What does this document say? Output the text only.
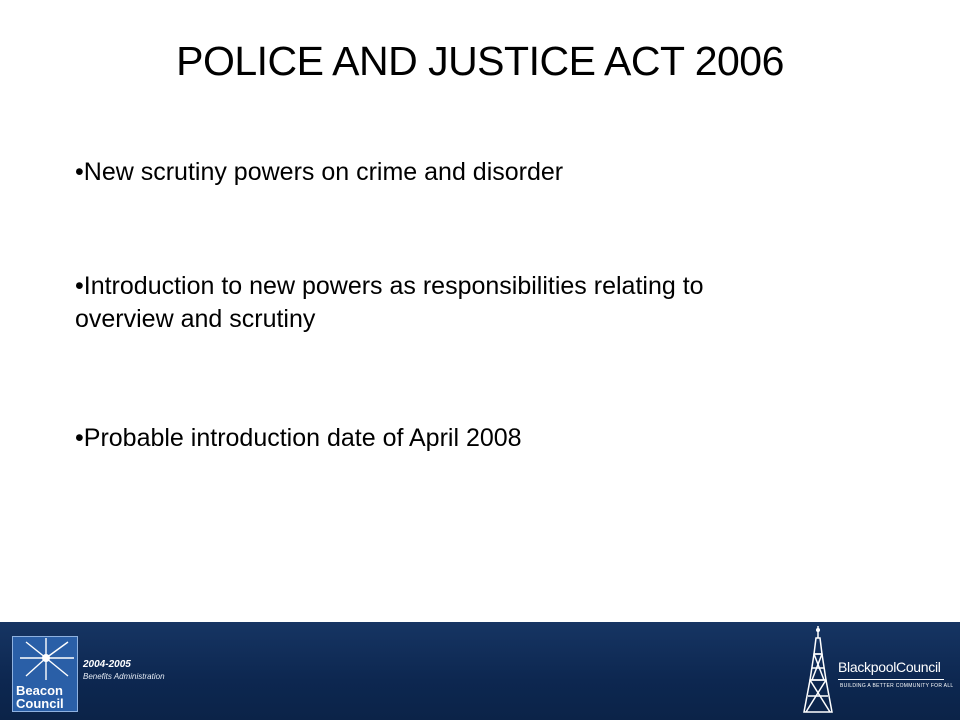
POLICE AND JUSTICE ACT 2006
•New scrutiny powers on crime and disorder
•Introduction to new powers as responsibilities relating to overview and scrutiny
•Probable introduction date of April 2008
Beacon
Council
2004-2005
Benefits Administration
BlackpoolCouncil
BUILDING A BETTER COMMUNITY FOR ALL
